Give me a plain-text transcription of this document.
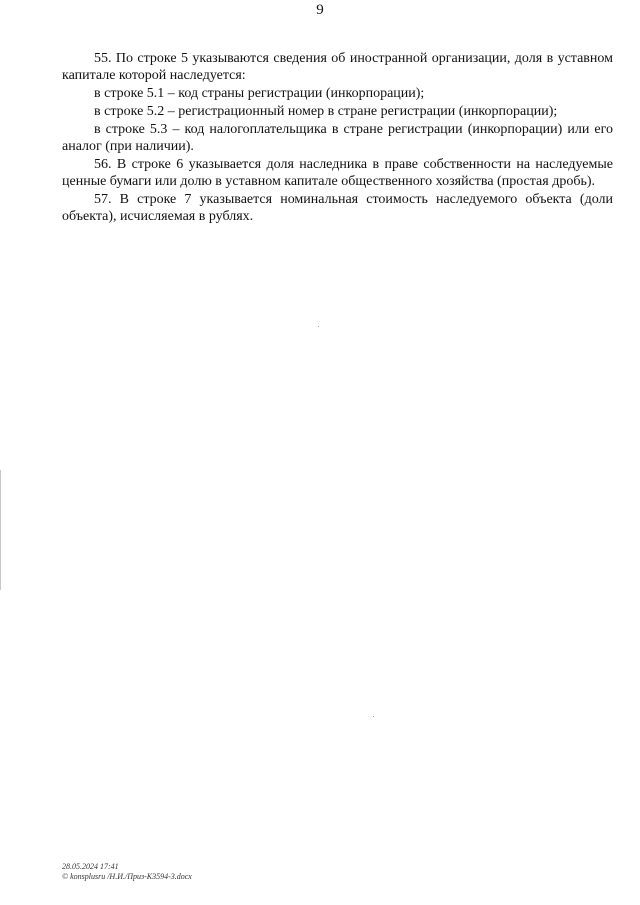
9

55. По строке 5 указываются сведения об иностранной организации, доля в уставном капитале которой наследуется:

в строке 5.1 – код страны регистрации (инкорпорации);

в строке 5.2 – регистрационный номер в стране регистрации (инкорпорации);

в строке 5.3 – код налогоплательщика в стране регистрации (инкорпорации) или его аналог (при наличии).

56. В строке 6 указывается доля наследника в праве собственности на наследуемые ценные бумаги или долю в уставном капитале общественного хозяйства (простая дробь).

57. В строке 7 указывается номинальная стоимость наследуемого объекта (доли объекта), исчисляемая в рублях.

28.05.2024 17:41
© konsplusru /Н.И./Приз-К3594-3.docx
